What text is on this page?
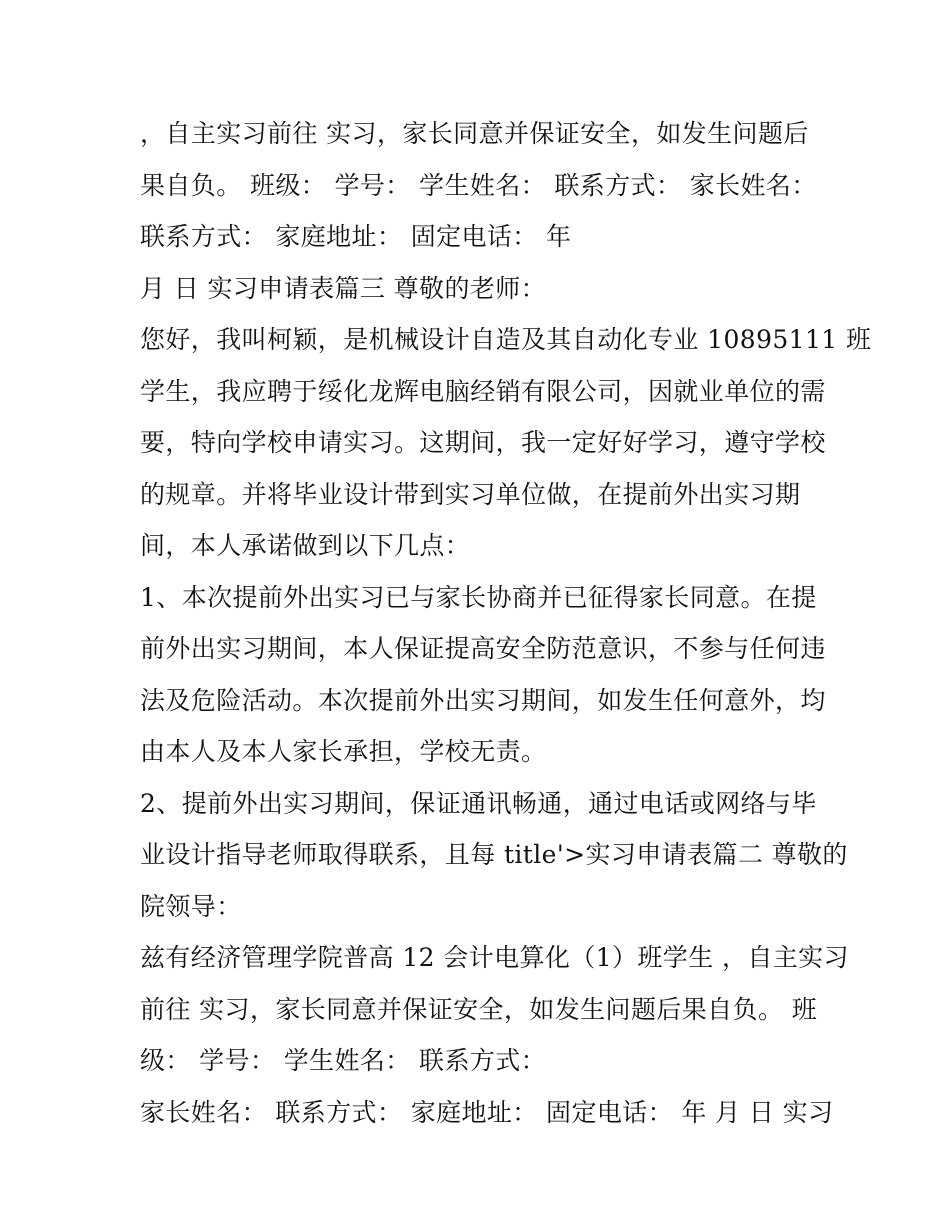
，自主实习前往 实习，家长同意并保证安全，如发生问题后
果自负。 班级： 学号： 学生姓名： 联系方式： 家长姓名：
联系方式： 家庭地址： 固定电话： 年
月 日 实习申请表篇三 尊敬的老师：
您好，我叫柯颖，是机械设计自造及其自动化专业 10895111 班
学生，我应聘于绥化龙辉电脑经销有限公司，因就业单位的需
要，特向学校申请实习。这期间，我一定好好学习，遵守学校
的规章。并将毕业设计带到实习单位做，在提前外出实习期
间，本人承诺做到以下几点：
1、本次提前外出实习已与家长协商并已征得家长同意。在提
前外出实习期间，本人保证提高安全防范意识，不参与任何违
法及危险活动。本次提前外出实习期间，如发生任何意外，均
由本人及本人家长承担，学校无责。
2、提前外出实习期间，保证通讯畅通，通过电话或网络与毕
业设计指导老师取得联系，且每 title'>实习申请表篇二 尊敬的
院领导：
兹有经济管理学院普高 12 会计电算化（1）班学生 ，自主实习
前往 实习，家长同意并保证安全，如发生问题后果自负。 班
级： 学号： 学生姓名： 联系方式：
家长姓名： 联系方式： 家庭地址： 固定电话： 年 月 日 实习
